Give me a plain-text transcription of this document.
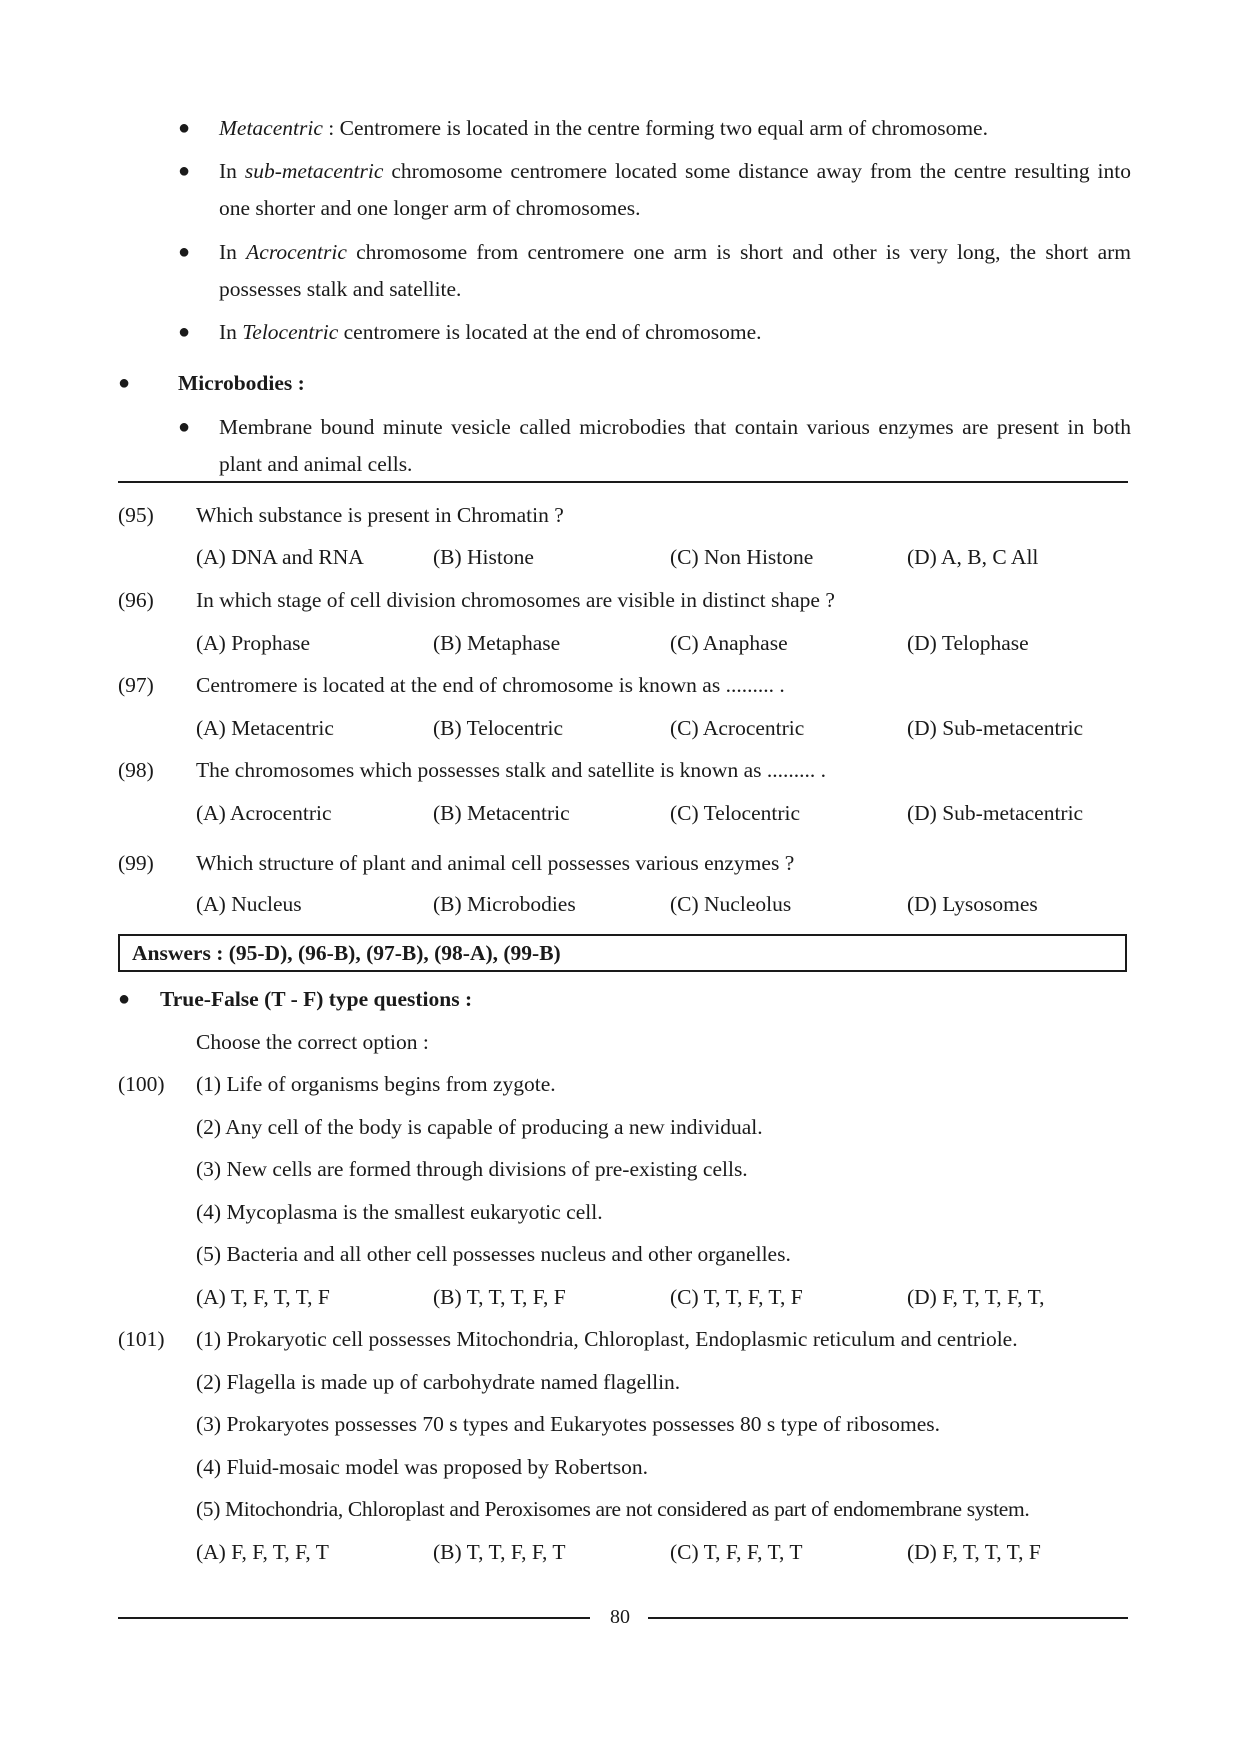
● Metacentric : Centromere is located in the centre forming two equal arm of chromosome.
● In sub-metacentric chromosome centromere located some distance away from the centre resulting into one shorter and one longer arm of chromosomes.
● In Acrocentric chromosome from centromere one arm is short and other is very long, the short arm possesses stalk and satellite.
● In Telocentric centromere is located at the end of chromosome.
● Microbodies :
● Membrane bound minute vesicle called microbodies that contain various enzymes are present in both plant and animal cells.
(95)	Which substance is present in Chromatin ?
(A) DNA and RNA	(B) Histone	(C) Non Histone	(D) A, B, C All
(96)	In which stage of cell division chromosomes are visible in distinct shape ?
(A) Prophase	(B) Metaphase	(C) Anaphase	(D) Telophase
(97)	Centromere is located at the end of chromosome is known as ......... .
(A) Metacentric	(B) Telocentric	(C) Acrocentric	(D) Sub-metacentric
(98)	The chromosomes which possesses stalk and satellite is known as ......... .
(A) Acrocentric	(B) Metacentric	(C) Telocentric	(D) Sub-metacentric
(99)	Which structure of plant and animal cell possesses various enzymes ?
(A) Nucleus	(B) Microbodies	(C) Nucleolus	(D) Lysosomes
Answers : (95-D), (96-B), (97-B), (98-A), (99-B)
● True-False (T - F) type questions :
Choose the correct option :
(100)	(1) Life of organisms begins from zygote.
(2) Any cell of the body is capable of producing a new individual.
(3) New cells are formed through divisions of pre-existing cells.
(4) Mycoplasma is the smallest eukaryotic cell.
(5) Bacteria and all other cell possesses nucleus and other organelles.
(A) T, F, T, T, F	(B) T, T, T, F, F	(C) T, T, F, T, F	(D) F, T, T, F, T,
(101)	(1) Prokaryotic cell possesses Mitochondria, Chloroplast, Endoplasmic reticulum and centriole.
(2) Flagella is made up of carbohydrate named flagellin.
(3) Prokaryotes possesses 70 s types and Eukaryotes possesses 80 s type of ribosomes.
(4) Fluid-mosaic model was proposed by Robertson.
(5) Mitochondria, Chloroplast and Peroxisomes are not considered as part of endomembrane system.
(A) F, F, T, F, T	(B) T, T, F, F, T	(C) T, F, F, T, T	(D) F, T, T, T, F
80
